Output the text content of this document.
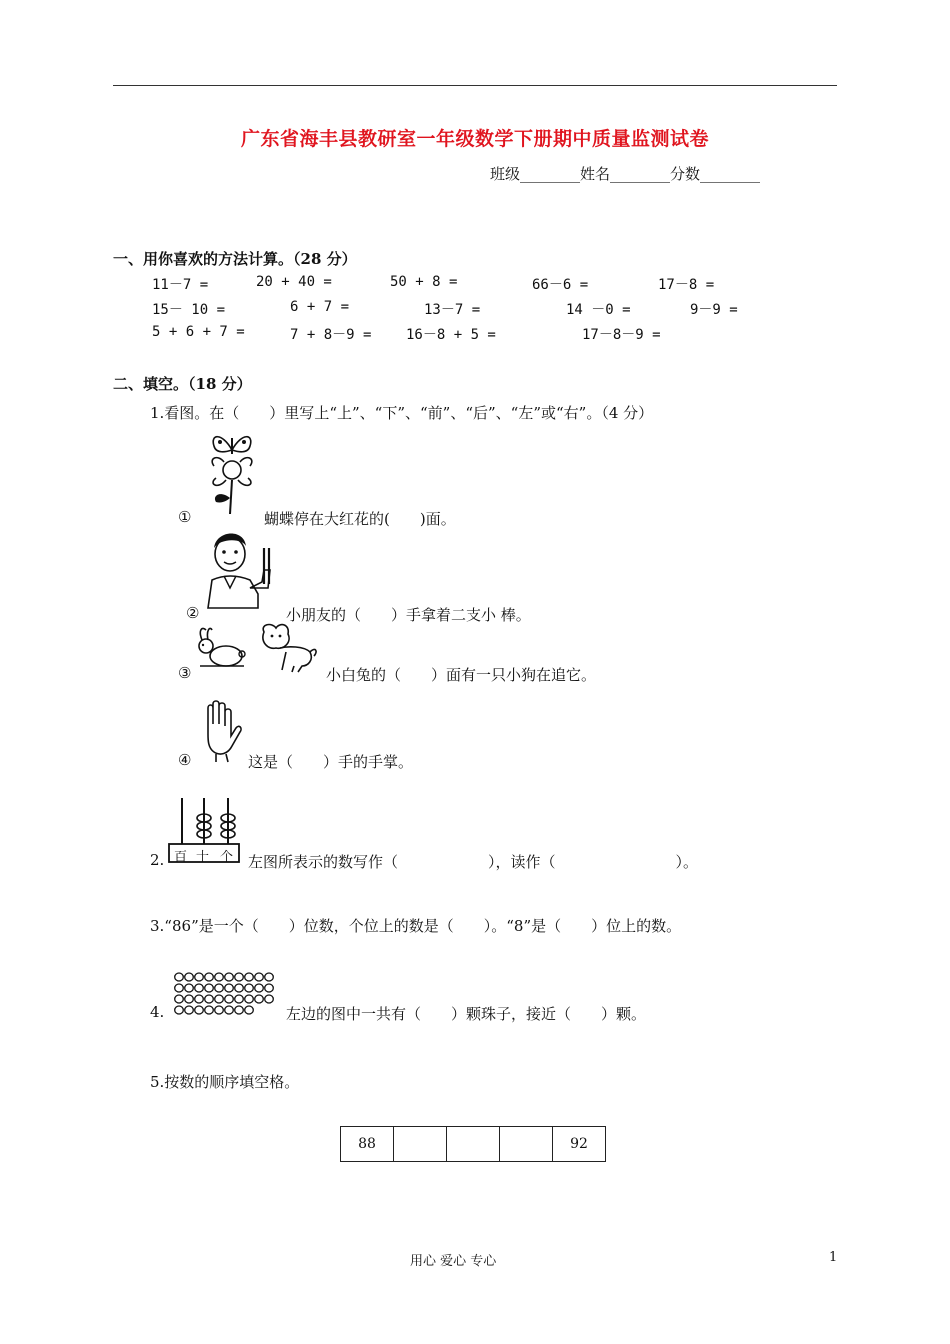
广东省海丰县教研室一年级数学下册期中质量监测试卷
班级________姓名________分数________
一、用你喜欢的方法计算。（28 分）
11－7 =	20 + 40 =	50 + 8 =	66－6 =	17－8 =
15－ 10 =	6 + 7 =	13－7 =	14 －0 =	9－9 =
5 + 6 + 7 =	7 + 8－9 = 16－8 + 5 =	17－8－9 =
二、填空。（18 分）
1.看图。在（　　）里写上“上”、“下”、“前”、“后”、“左”或“右”。（4 分）
①	蝴蝶停在大红花的(　　)面。
②	小朋友的（　　）手拿着二支小 棒。
③	小白兔的（　　）面有一只小狗在追它。
④	这是（　　）手的手掌。
百 十 个
2.	左图所表示的数写作（　　　　　　），读作（　　　　　　　　）。
3.“86”是一个（　　）位数，个位上的数是（　　）。“8”是（　　）位上的数。
4.	左边的图中一共有（　　）颗珠子，接近（　　）颗。
5.按数的顺序填空格。
88				92
用心 爱心 专心	1
